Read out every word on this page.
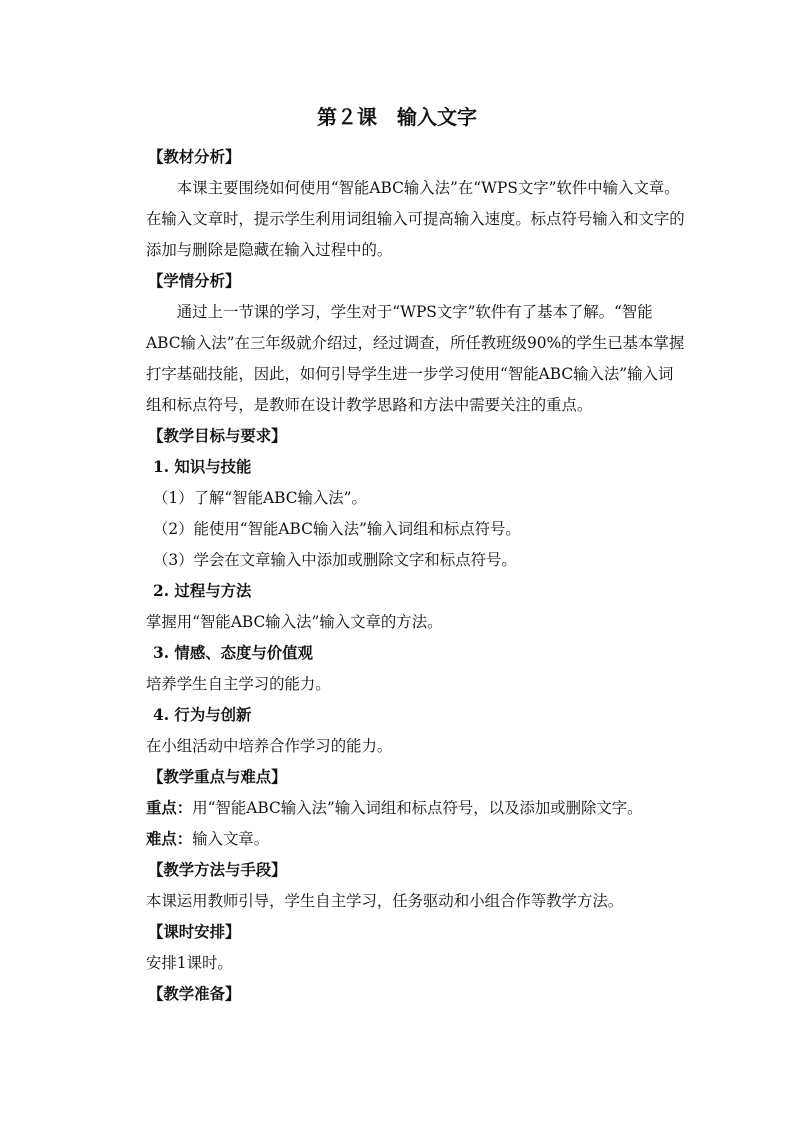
第２课　输入文字

【教材分析】

本课主要围绕如何使用“智能ABC输入法”在“WPS文字”软件中输入文章。在输入文章时，提示学生利用词组输入可提高输入速度。标点符号输入和文字的添加与删除是隐藏在输入过程中的。

【学情分析】

通过上一节课的学习，学生对于“WPS文字”软件有了基本了解。“智能ABC输入法”在三年级就介绍过，经过调查，所任教班级90%的学生已基本掌握打字基础技能，因此，如何引导学生进一步学习使用“智能ABC输入法”输入词组和标点符号，是教师在设计教学思路和方法中需要关注的重点。

【教学目标与要求】

1. 知识与技能

（1）了解“智能ABC输入法”。

（2）能使用“智能ABC输入法”输入词组和标点符号。

（3）学会在文章输入中添加或删除文字和标点符号。

2. 过程与方法

掌握用“智能ABC输入法”输入文章的方法。

3. 情感、态度与价值观

培养学生自主学习的能力。

4. 行为与创新

在小组活动中培养合作学习的能力。

【教学重点与难点】

重点：用“智能ABC输入法”输入词组和标点符号，以及添加或删除文字。

难点：输入文章。

【教学方法与手段】

本课运用教师引导，学生自主学习，任务驱动和小组合作等教学方法。

【课时安排】

安排1课时。

【教学准备】
